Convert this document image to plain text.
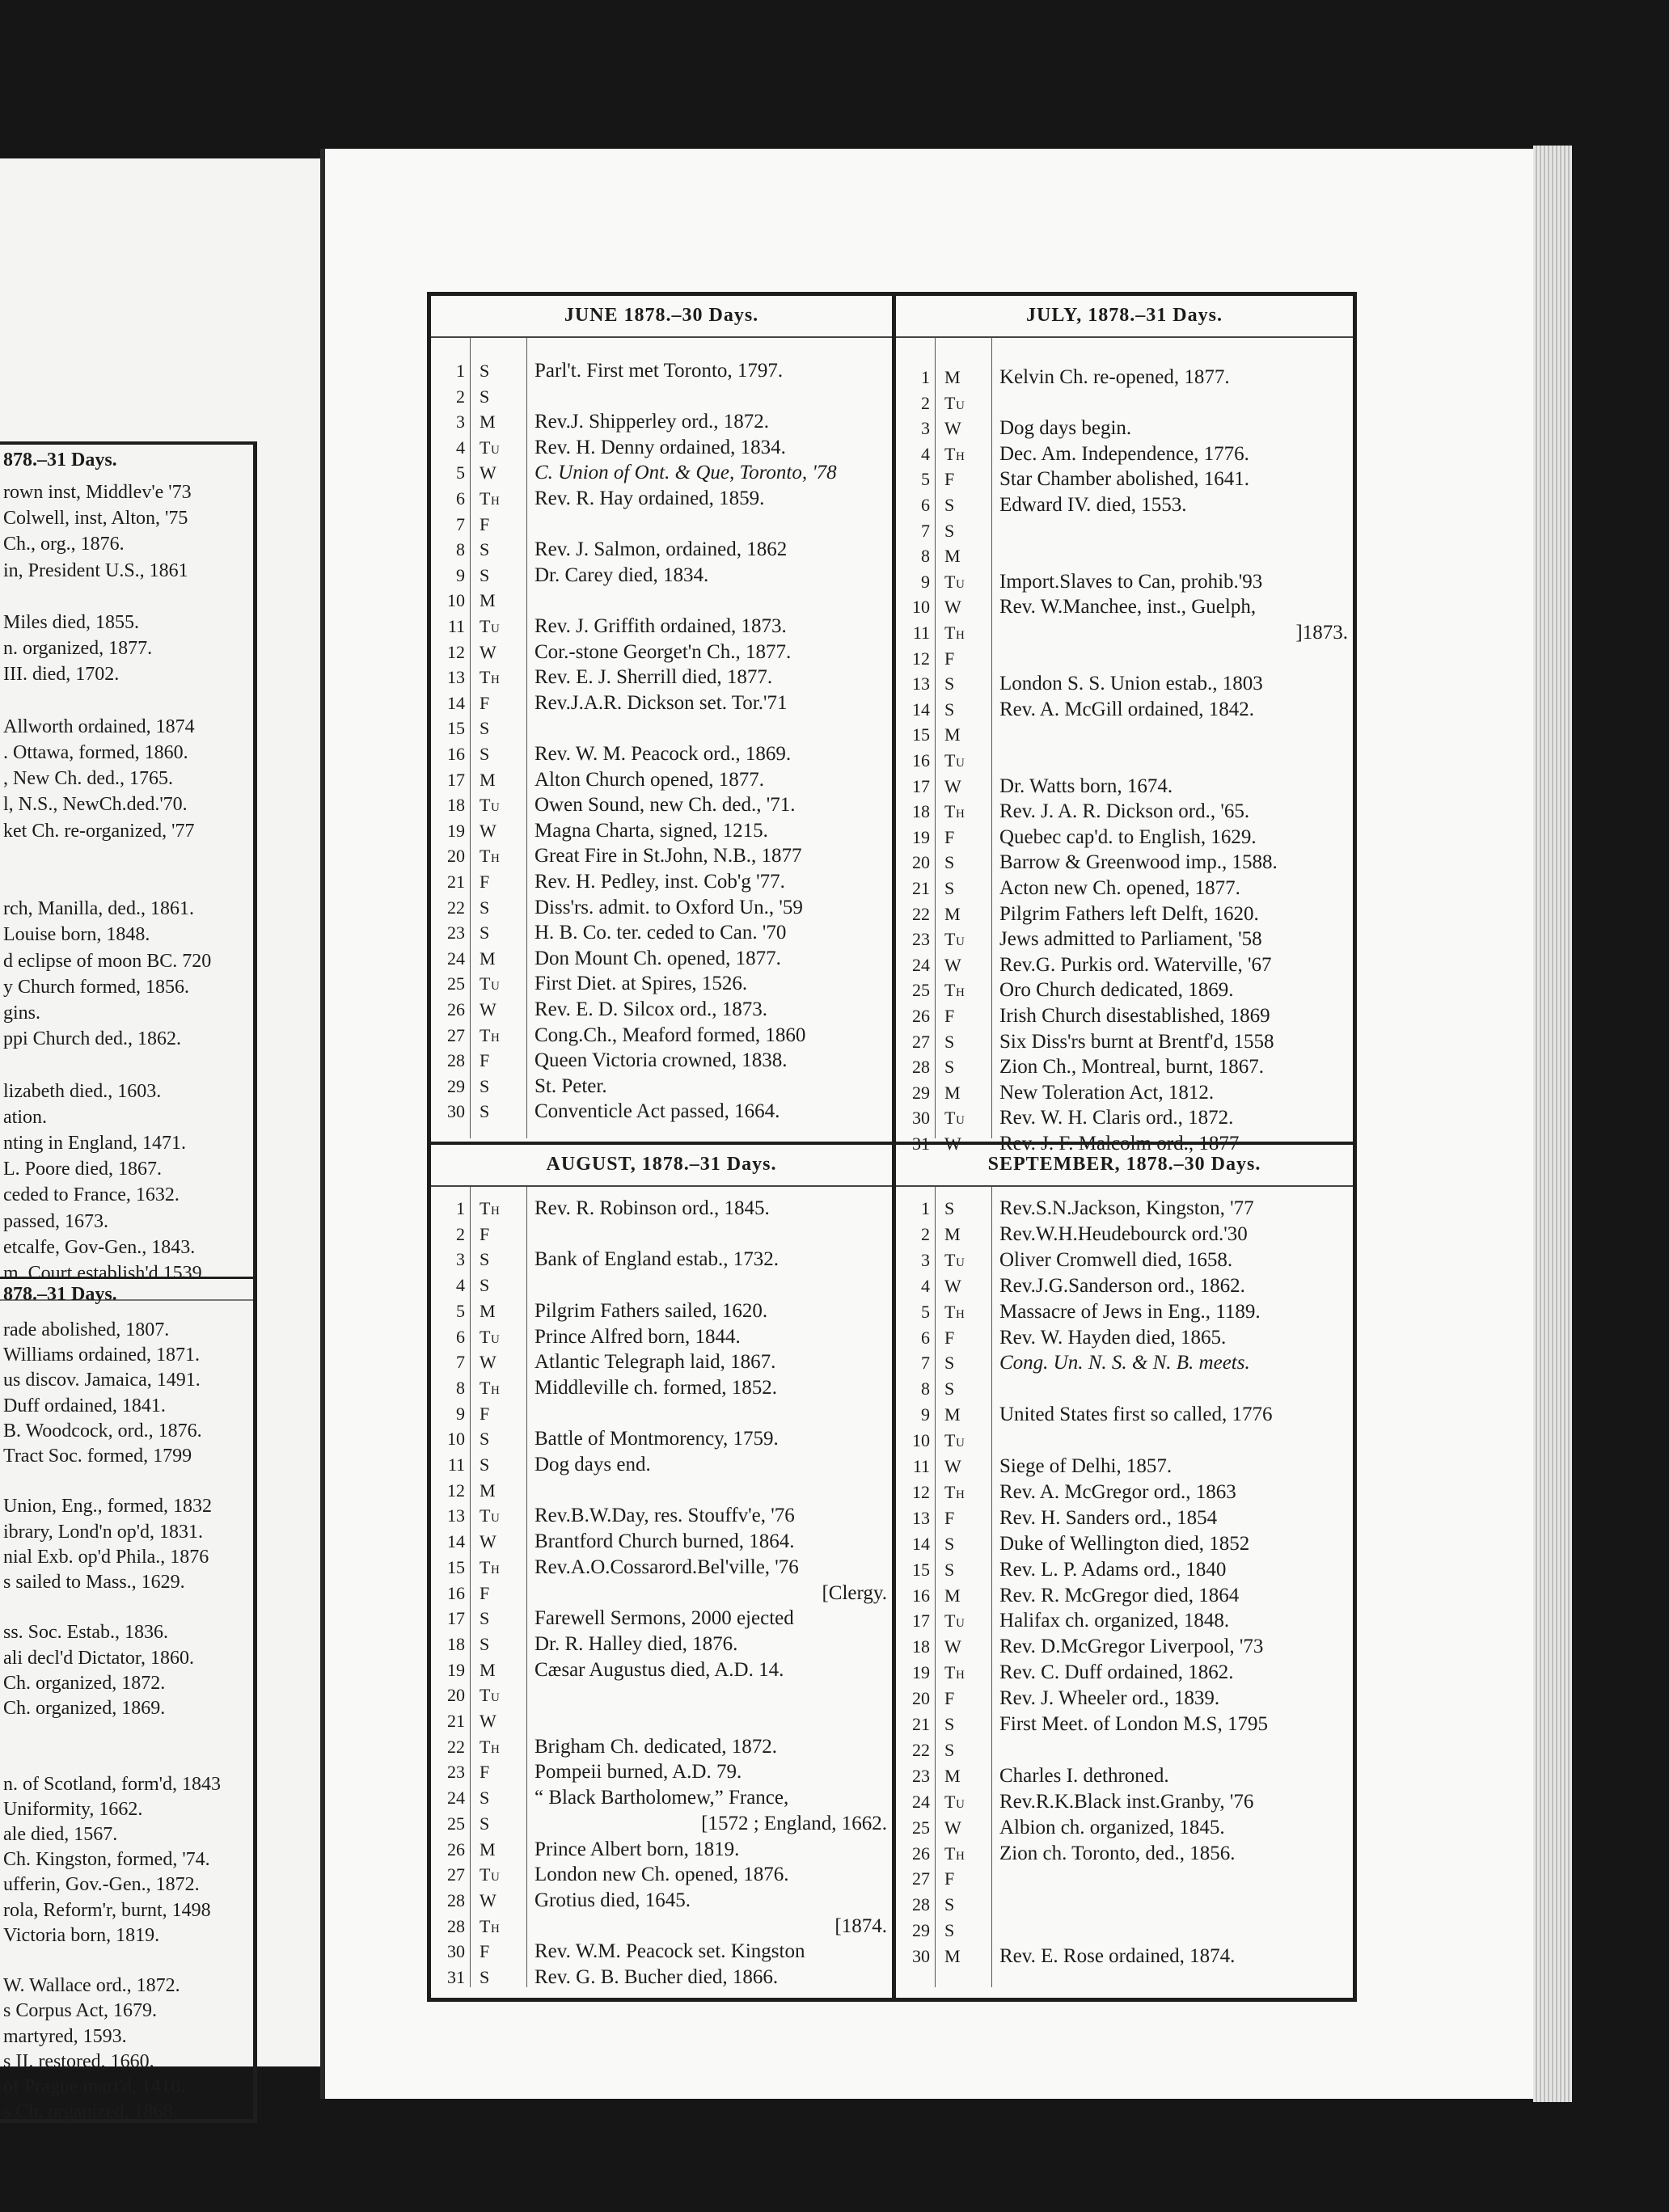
878.–31 Days.
rown inst, Middlev'e '73
Colwell, inst, Alton, '75
Ch., org., 1876.
in, President U.S., 1861
Miles died, 1855.
n. organized, 1877.
III. died, 1702.
Allworth ordained, 1874
. Ottawa, formed, 1860.
, New Ch. ded., 1765.
l, N.S., NewCh.ded.'70.
ket Ch. re-organized, '77
rch, Manilla, ded., 1861.
Louise born, 1848.
d eclipse of moon BC. 720
y Church formed, 1856.
gins.
ppi Church ded., 1862.
lizabeth died., 1603.
ation.
nting in England, 1471.
L. Poore died, 1867.
ceded to France, 1632.
passed, 1673.
etcalfe, Gov-Gen., 1843.
m. Court establish'd 1539
878.–31 Days.
rade abolished, 1807.
Williams ordained, 1871.
us discov. Jamaica, 1491.
Duff ordained, 1841.
B. Woodcock, ord., 1876.
Tract Soc. formed, 1799
Union, Eng., formed, 1832
ibrary, Lond'n op'd, 1831.
nial Exb. op'd Phila., 1876
s sailed to Mass., 1629.
ss. Soc. Estab., 1836.
ali decl'd Dictator, 1860.
Ch. organized, 1872.
Ch. organized, 1869.
n. of Scotland, form'd, 1843
Uniformity, 1662.
ale died, 1567.
Ch. Kingston, formed, '74.
ufferin, Gov.-Gen., 1872.
rola, Reform'r, burnt, 1498
Victoria born, 1819.
W. Wallace ord., 1872.
s Corpus Act, 1679.
martyred, 1593.
s II. restored, 1660.
of Prague mart'd, 1416.
s Ch. organized, 1868.
JUNE 1878.–30 Days.
1 S	Parl't. First met Toronto, 1797.
2 S
3 M	Rev.J. Shipperley ord., 1872.
4 Tu	Rev. H. Denny ordained, 1834.
5 W	C. Union of Ont. & Que, Toronto, '78
6 Th	Rev. R. Hay ordained, 1859.
7 F
8 S	Rev. J. Salmon, ordained, 1862
9 S	Dr. Carey died, 1834.
10 M
11 Tu	Rev. J. Griffith ordained, 1873.
12 W	Cor.-stone Georget'n Ch., 1877.
13 Th	Rev. E. J. Sherrill died, 1877.
14 F	Rev.J.A.R. Dickson set. Tor.'71
15 S
16 S	Rev. W. M. Peacock ord., 1869.
17 M	Alton Church opened, 1877.
18 Tu	Owen Sound, new Ch. ded., '71.
19 W	Magna Charta, signed, 1215.
20 Th	Great Fire in St.John, N.B., 1877
21 F	Rev. H. Pedley, inst. Cob'g '77.
22 S	Diss'rs. admit. to Oxford Un., '59
23 S	H. B. Co. ter. ceded to Can. '70
24 M	Don Mount Ch. opened, 1877.
25 Tu	First Diet. at Spires, 1526.
26 W	Rev. E. D. Silcox ord., 1873.
27 Th	Cong.Ch., Meaford formed, 1860
28 F	Queen Victoria crowned, 1838.
29 S	St. Peter.
30 S	Conventicle Act passed, 1664.
JULY, 1878.–31 Days.
1 M	Kelvin Ch. re-opened, 1877.
2 Tu
3 W	Dog days begin.
4 Th	Dec. Am. Independence, 1776.
5 F	Star Chamber abolished, 1641.
6 S	Edward IV. died, 1553.
7 S
8 M
9 Tu	Import.Slaves to Can, prohib.'93
10 W	Rev. W.Manchee, inst., Guelph,
11 Th	]1873.
12 F
13 S	London S. S. Union estab., 1803
14 S	Rev. A. McGill ordained, 1842.
15 M
16 Tu
17 W	Dr. Watts born, 1674.
18 Th	Rev. J. A. R. Dickson ord., '65.
19 F	Quebec cap'd. to English, 1629.
20 S	Barrow & Greenwood imp., 1588.
21 S	Acton new Ch. opened, 1877.
22 M	Pilgrim Fathers left Delft, 1620.
23 Tu	Jews admitted to Parliament, '58
24 W	Rev.G. Purkis ord. Waterville, '67
25 Th	Oro Church dedicated, 1869.
26 F	Irish Church disestablished, 1869
27 S	Six Diss'rs burnt at Brentf'd, 1558
28 S	Zion Ch., Montreal, burnt, 1867.
29 M	New Toleration Act, 1812.
30 Tu	Rev. W. H. Claris ord., 1872.
31 W	Rev. J. F. Malcolm ord., 1877
AUGUST, 1878.–31 Days.
1 Th	Rev. R. Robinson ord., 1845.
2 F
3 S	Bank of England estab., 1732.
4 S
5 M	Pilgrim Fathers sailed, 1620.
6 Tu	Prince Alfred born, 1844.
7 W	Atlantic Telegraph laid, 1867.
8 Th	Middleville ch. formed, 1852.
9 F
10 S	Battle of Montmorency, 1759.
11 S	Dog days end.
12 M
13 Tu	Rev.B.W.Day, res. Stouffv'e, '76
14 W	Brantford Church burned, 1864.
15 Th	Rev.A.O.Cossarord.Bel'ville, '76
16 F	[Clergy.
17 S	Farewell Sermons, 2000 ejected
18 S	Dr. R. Halley died, 1876.
19 M	Cæsar Augustus died, A.D. 14.
20 Tu
21 W
22 Th	Brigham Ch. dedicated, 1872.
23 F	Pompeii burned, A.D. 79.
24 S	“ Black Bartholomew,” France,
25 S	[1572 ; England, 1662.
26 M	Prince Albert born, 1819.
27 Tu	London new Ch. opened, 1876.
28 W	Grotius died, 1645.
28 Th	[1874.
30 F	Rev. W.M. Peacock set. Kingston
31 S	Rev. G. B. Bucher died, 1866.
SEPTEMBER, 1878.–30 Days.
1 S	Rev.S.N.Jackson, Kingston, '77
2 M	Rev.W.H.Heudebourck ord.'30
3 Tu	Oliver Cromwell died, 1658.
4 W	Rev.J.G.Sanderson ord., 1862.
5 Th	Massacre of Jews in Eng., 1189.
6 F	Rev. W. Hayden died, 1865.
7 S	Cong. Un. N. S. & N. B. meets.
8 S
9 M	United States first so called, 1776
10 Tu
11 W	Siege of Delhi, 1857.
12 Th	Rev. A. McGregor ord., 1863
13 F	Rev. H. Sanders ord., 1854
14 S	Duke of Wellington died, 1852
15 S	Rev. L. P. Adams ord., 1840
16 M	Rev. R. McGregor died, 1864
17 Tu	Halifax ch. organized, 1848.
18 W	Rev. D.McGregor Liverpool, '73
19 Th	Rev. C. Duff ordained, 1862.
20 F	Rev. J. Wheeler ord., 1839.
21 S	First Meet. of London M.S, 1795
22 S
23 M	Charles I. dethroned.
24 Tu	Rev.R.K.Black inst.Granby, '76
25 W	Albion ch. organized, 1845.
26 Th	Zion ch. Toronto, ded., 1856.
27 F
28 S
29 S
30 M	Rev. E. Rose ordained, 1874.
